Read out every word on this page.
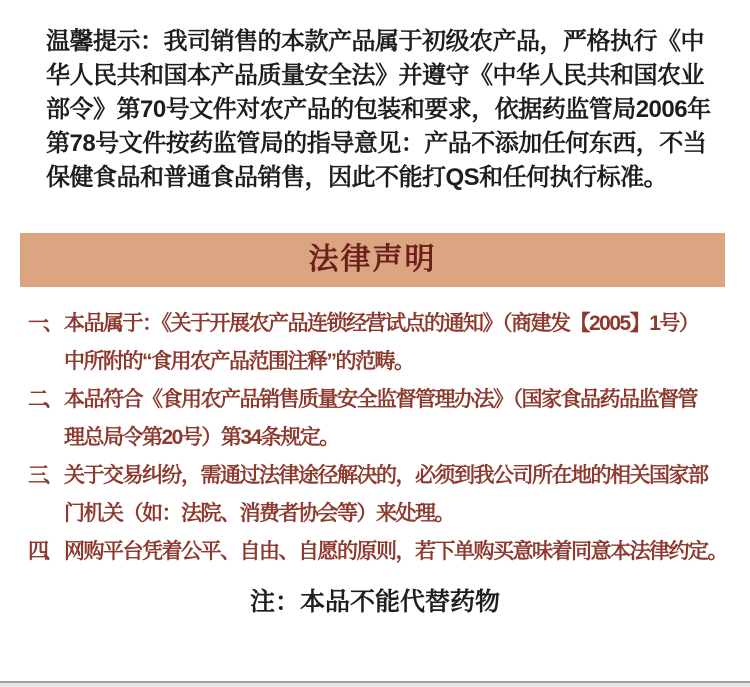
温馨提示：我司销售的本款产品属于初级农产品，严格执行《中
华人民共和国本产品质量安全法》并遵守《中华人民共和国农业
部令》第70号文件对农产品的包装和要求，依据药监管局2006年
第78号文件按药监管局的指导意见：产品不添加任何东西，不当
保健食品和普通食品销售，因此不能打QS和任何执行标准。
法律声明
一、 本品属于：《关于开展农产品连锁经营试点的通知》（商建发【2005】1号）
中所附的“食用农产品范围注释”的范畴。
二、 本品符合《食用农产品销售质量安全监督管理办法》（国家食品药品监督管
理总局令第20号）第34条规定。
三、 关于交易纠纷，需通过法律途径解决的，必须到我公司所在地的相关国家部
门机关（如：法院、消费者协会等）来处理。
四、 网购平台凭着公平、自由、自愿的原则，若下单购买意味着同意本法律约定。
注：本品不能代替药物
